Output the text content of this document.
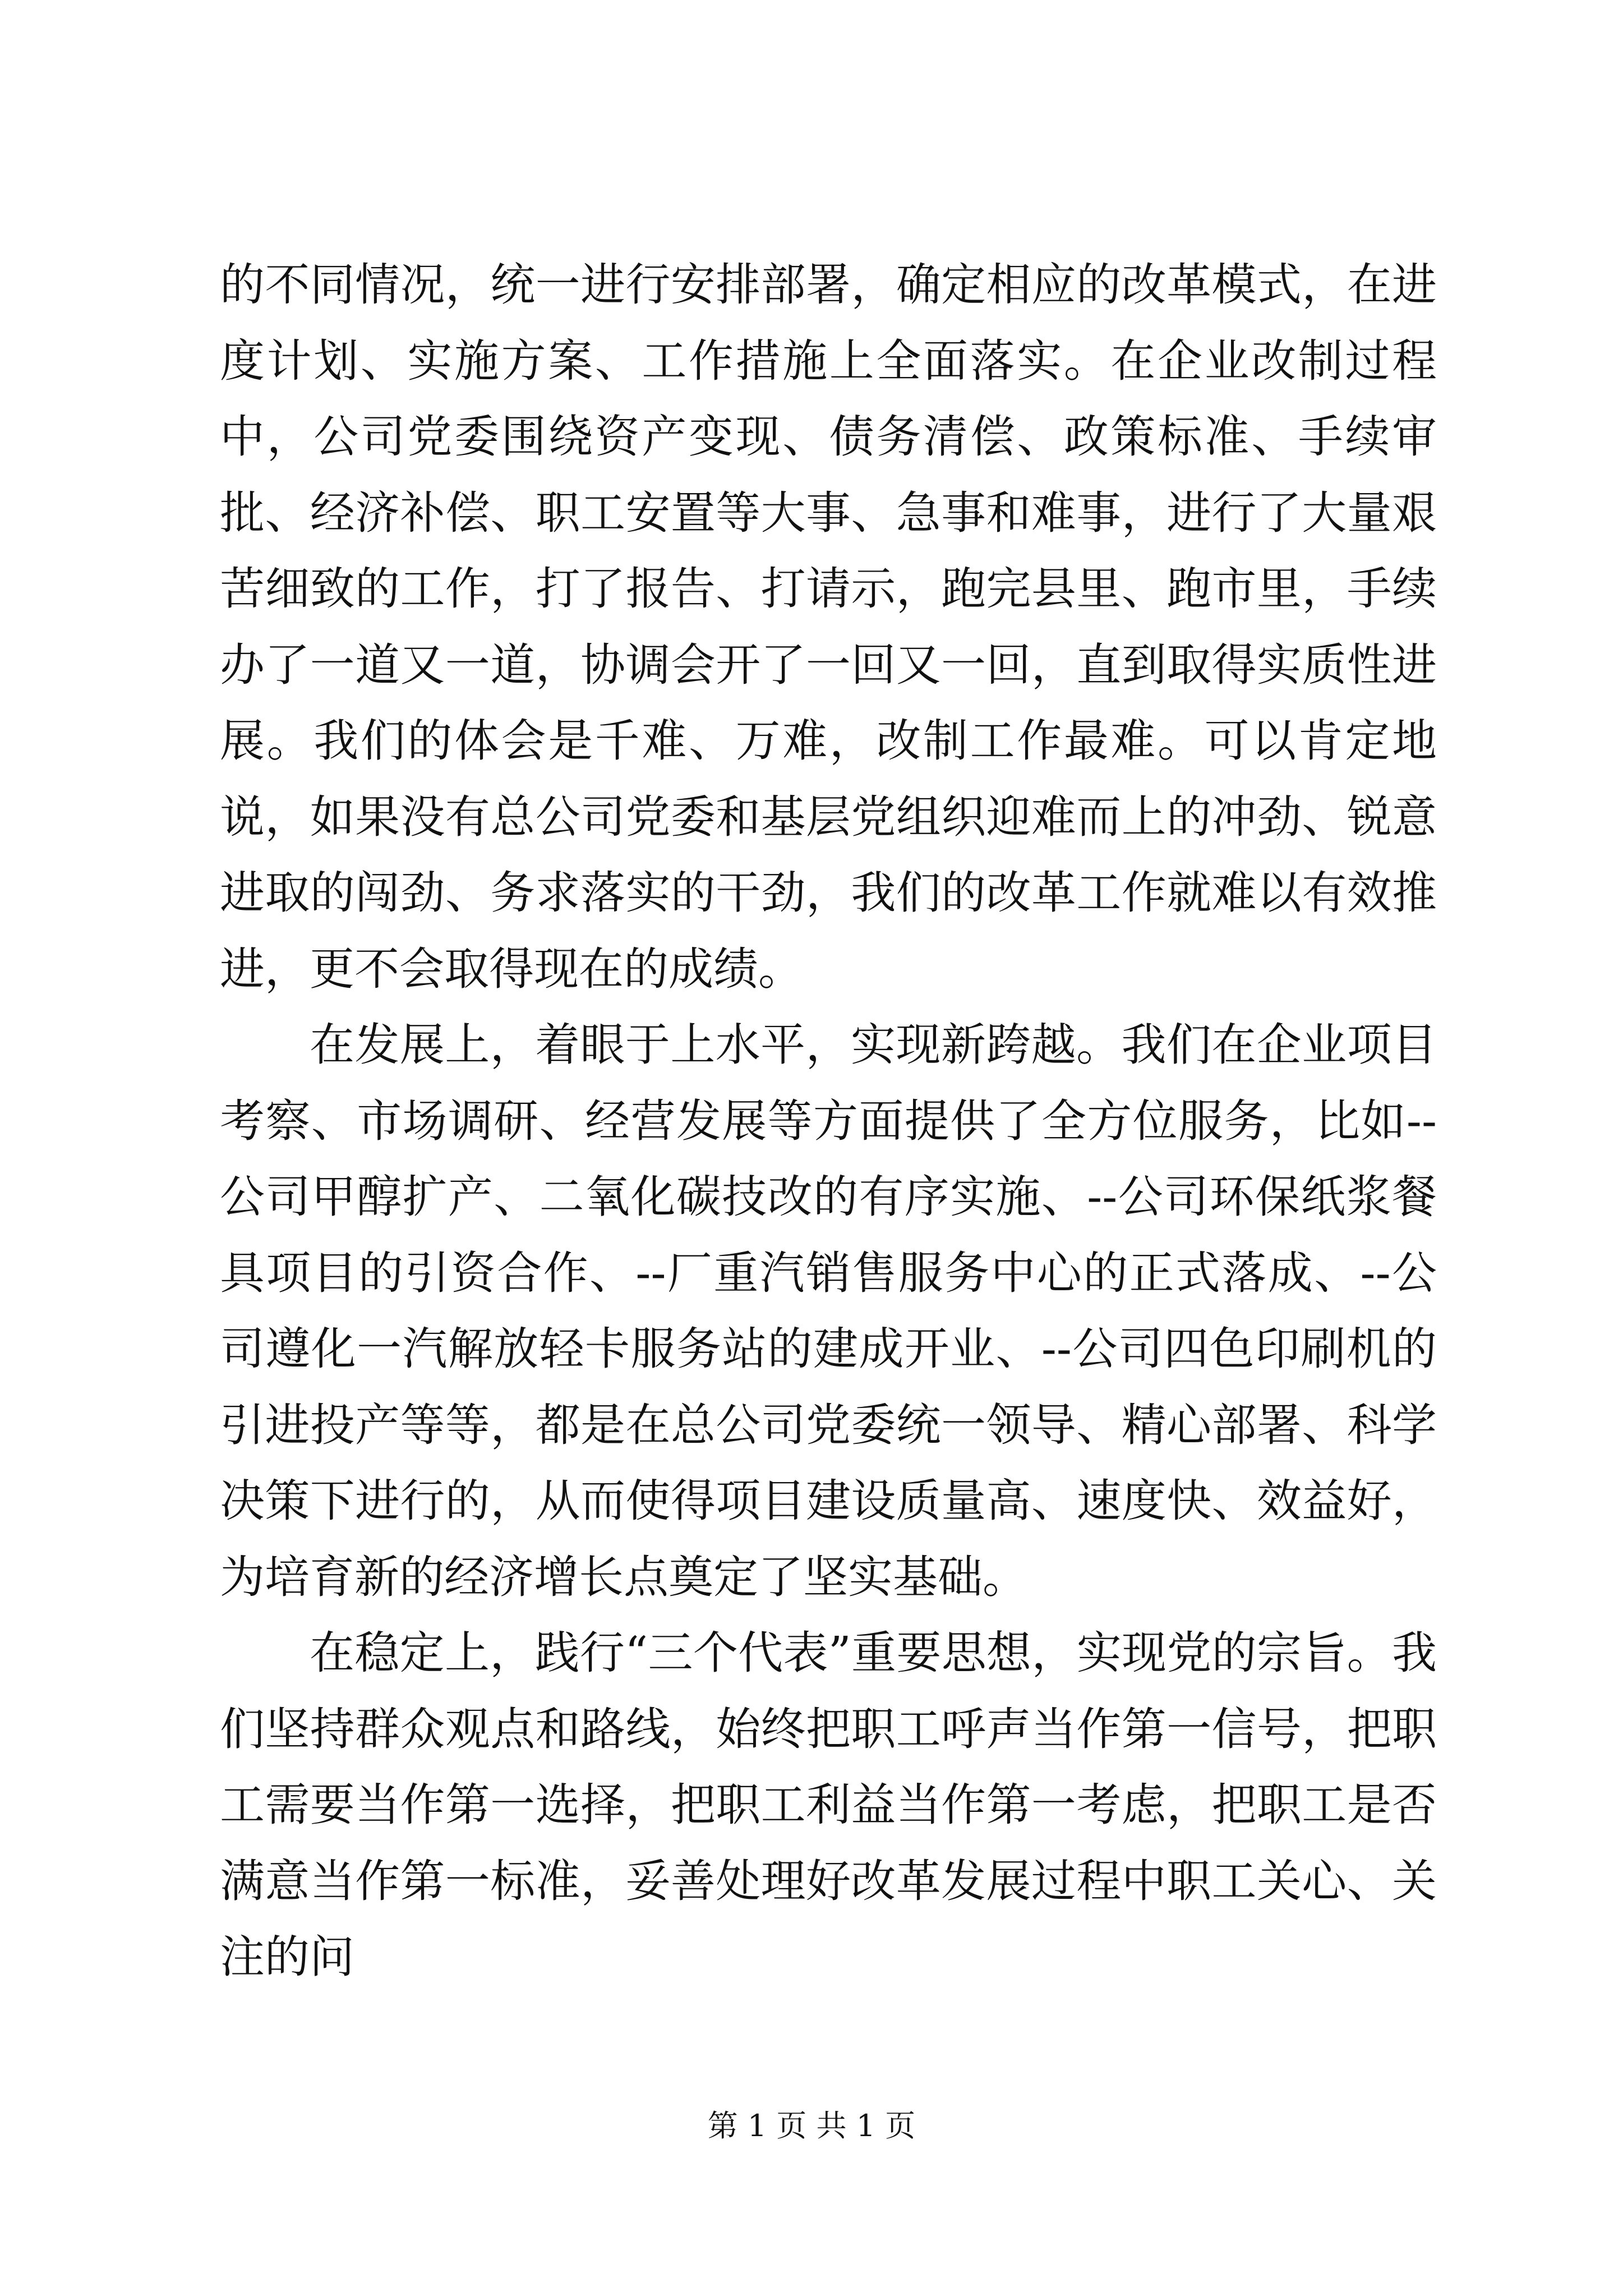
的不同情况，统一进行安排部署，确定相应的改革模式，在进度计划、实施方案、工作措施上全面落实。在企业改制过程中，公司党委围绕资产变现、债务清偿、政策标准、手续审批、经济补偿、职工安置等大事、急事和难事，进行了大量艰苦细致的工作，打了报告、打请示，跑完县里、跑市里，手续办了一道又一道，协调会开了一回又一回，直到取得实质性进展。我们的体会是千难、万难，改制工作最难。可以肯定地说，如果没有总公司党委和基层党组织迎难而上的冲劲、锐意进取的闯劲、务求落实的干劲，我们的改革工作就难以有效推进，更不会取得现在的成绩。

在发展上，着眼于上水平，实现新跨越。我们在企业项目考察、市场调研、经营发展等方面提供了全方位服务，比如--公司甲醇扩产、二氧化碳技改的有序实施、--公司环保纸浆餐具项目的引资合作、--厂重汽销售服务中心的正式落成、--公司遵化一汽解放轻卡服务站的建成开业、--公司四色印刷机的引进投产等等，都是在总公司党委统一领导、精心部署、科学决策下进行的，从而使得项目建设质量高、速度快、效益好，为培育新的经济增长点奠定了坚实基础。

在稳定上，践行“三个代表”重要思想，实现党的宗旨。我们坚持群众观点和路线，始终把职工呼声当作第一信号，把职工需要当作第一选择，把职工利益当作第一考虑，把职工是否满意当作第一标准，妥善处理好改革发展过程中职工关心、关注的问

第 1 页 共 1 页
